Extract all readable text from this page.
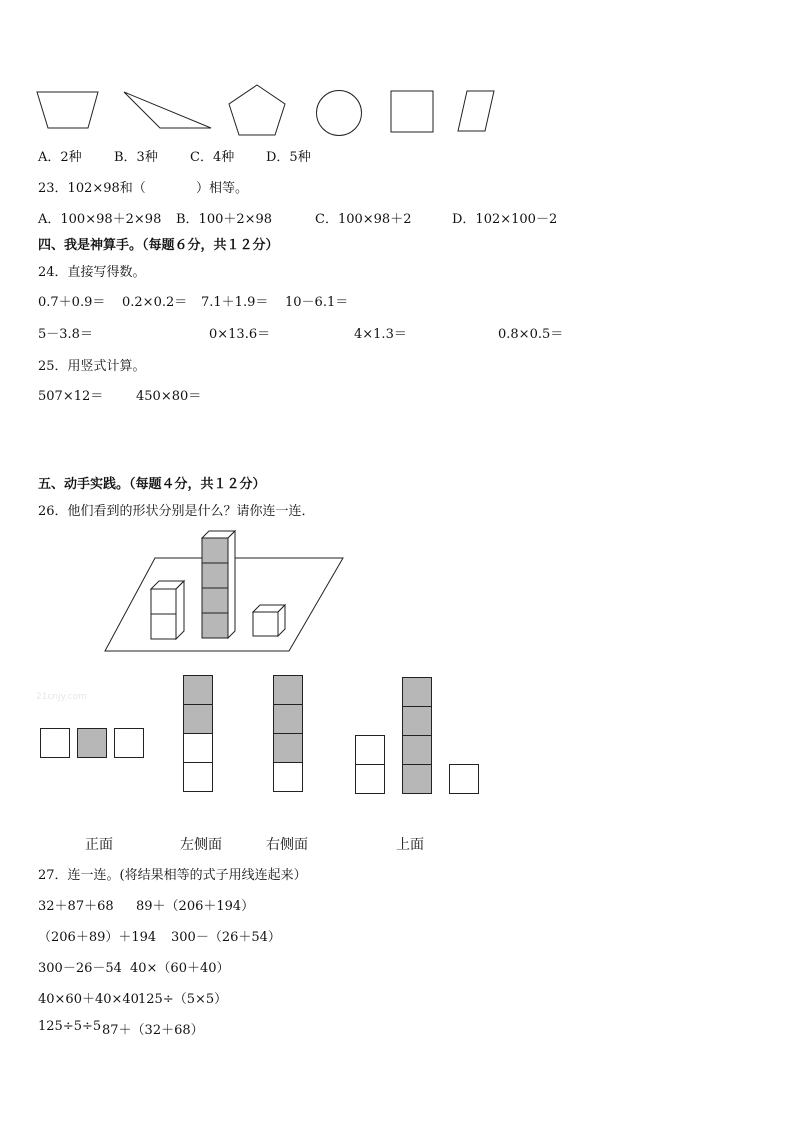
A．2种 B．3种 C．4种 D．5种
23．102×98和（	）相等。
A．100×98＋2×98 B．100＋2×98	C．100×98＋2	D．102×100－2
四、我是神算手。（每题６分，共１２分）
24．直接写得数。
0.7＋0.9＝ 0.2×0.2＝ 7.1＋1.9＝ 10－6.1＝
5－3.8＝	0×13.6＝	4×1.3＝	0.8×0.5＝
25．用竖式计算。
507×12＝	450×80＝
五、动手实践。（每题４分，共１２分）
26．他们看到的形状分别是什么？请你连一连．
21cnjy.com
正面	左侧面	右侧面	上面
27．连一连。(将结果相等的式子用线连起来）
32＋87＋68 89＋（206＋194）
（206＋89）＋194 300－（26＋54）
300－26－54 40×（60＋40）
40×60＋40×40 125÷（5×5）
125÷5÷5 87＋（32＋68）
